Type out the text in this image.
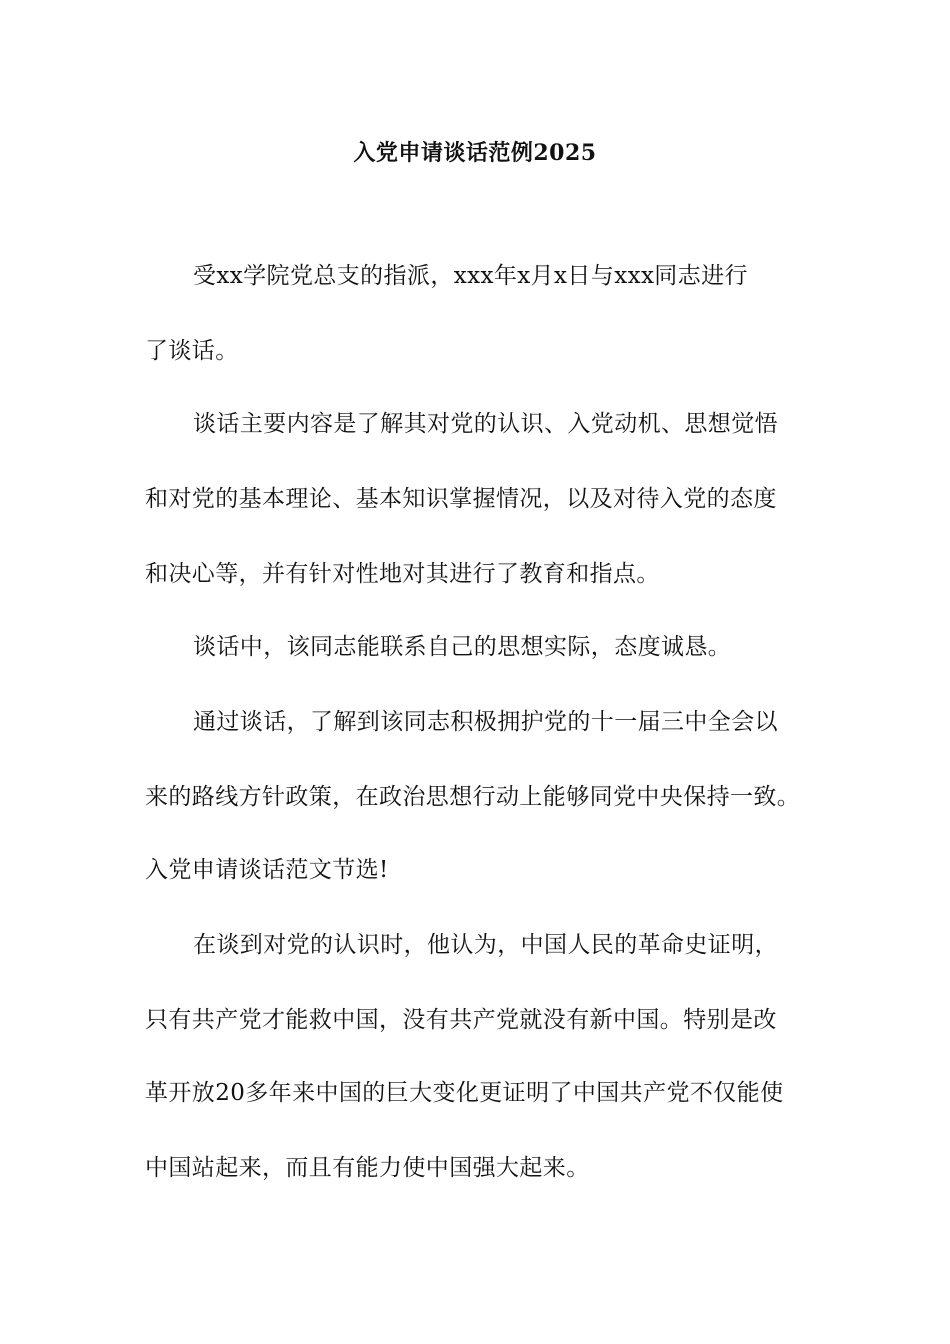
入党申请谈话范例2025
受xx学院党总支的指派，xxx年x月x日与xxx同志进行
了谈话。
谈话主要内容是了解其对党的认识、入党动机、思想觉悟
和对党的基本理论、基本知识掌握情况，以及对待入党的态度
和决心等，并有针对性地对其进行了教育和指点。
谈话中，该同志能联系自己的思想实际，态度诚恳。
通过谈话，了解到该同志积极拥护党的十一届三中全会以
来的路线方针政策，在政治思想行动上能够同党中央保持一致。
入党申请谈话范文节选!
在谈到对党的认识时，他认为，中国人民的革命史证明，
只有共产党才能救中国，没有共产党就没有新中国。特别是改
革开放20多年来中国的巨大变化更证明了中国共产党不仅能使
中国站起来，而且有能力使中国强大起来。
